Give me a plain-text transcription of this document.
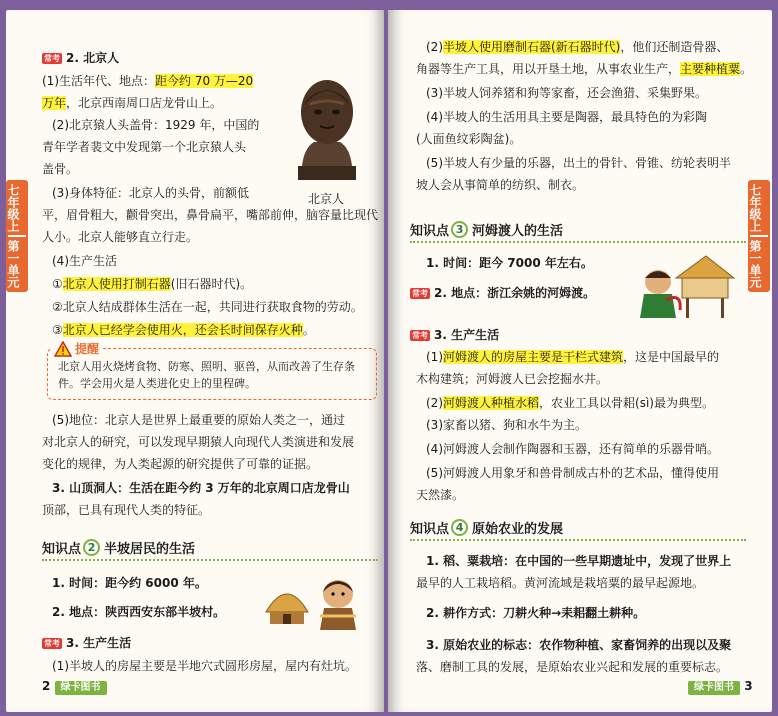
常考 2. 北京人
(1)生活年代、地点：距今约 70 万—20
万年，北京西南周口店龙骨山上。
(2)北京猿人头盖骨：1929 年，中国的
青年学者裴文中发现第一个北京猿人头
盖骨。
(3)身体特征：北京人的头骨，前额低
平，眉骨粗大，颧骨突出，鼻骨扁平，嘴部前伸，脑容量比现代
人小。北京人能够直立行走。
(4)生产生活
①北京人使用打制石器(旧石器时代)。
②北京人结成群体生活在一起，共同进行获取食物的劳动。
③北京人已经学会使用火，还会长时间保存火种。
北京人
提醒
北京人用火烧烤食物、防寒、照明、驱兽，从而改善了生存条件。学会用火是人类进化史上的里程碑。
(5)地位：北京人是世界上最重要的原始人类之一，通过
对北京人的研究，可以发现早期猿人向现代人类演进和发展
变化的规律，为人类起源的研究提供了可靠的证据。
3. 山顶洞人：生活在距今约 3 万年的北京周口店龙骨山
顶部，已具有现代人类的特征。
知识点 2 半坡居民的生活
1. 时间：距今约 6000 年。
2. 地点：陕西西安东部半坡村。
常考 3. 生产生活
(1)半坡人的房屋主要是半地穴式圆形房屋，屋内有灶坑。
2 绿卡图书
七年级上
第一单元
(2)半坡人使用磨制石器(新石器时代)，他们还制造骨器、
角器等生产工具，用以开垦土地，从事农业生产，主要种植粟。
(3)半坡人饲养猪和狗等家畜，还会渔猎、采集野果。
(4)半坡人的生活用具主要是陶器，最具特色的为彩陶
(人面鱼纹彩陶盆)。
(5)半坡人有少量的乐器，出土的骨针、骨锥、纺轮表明半
坡人会从事简单的纺织、制衣。
知识点 3 河姆渡人的生活
1. 时间：距今 7000 年左右。
常考 2. 地点：浙江余姚的河姆渡。
常考 3. 生产生活
(1)河姆渡人的房屋主要是干栏式建筑，这是中国最早的
木构建筑；河姆渡人已会挖掘水井。
(2)河姆渡人种植水稻，农业工具以骨耜(sì)最为典型。
(3)家畜以猪、狗和水牛为主。
(4)河姆渡人会制作陶器和玉器，还有简单的乐器骨哨。
(5)河姆渡人用象牙和兽骨制成古朴的艺术品，懂得使用
天然漆。
知识点 4 原始农业的发展
1. 稻、粟栽培：在中国的一些早期遗址中，发现了世界上
最早的人工栽培稻。黄河流域是栽培粟的最早起源地。
2. 耕作方式：刀耕火种→耒耜翻土耕种。
3. 原始农业的标志：农作物种植、家畜饲养的出现以及聚
落、磨制工具的发展，是原始农业兴起和发展的重要标志。
绿卡图书 3
七年级上
第一单元
